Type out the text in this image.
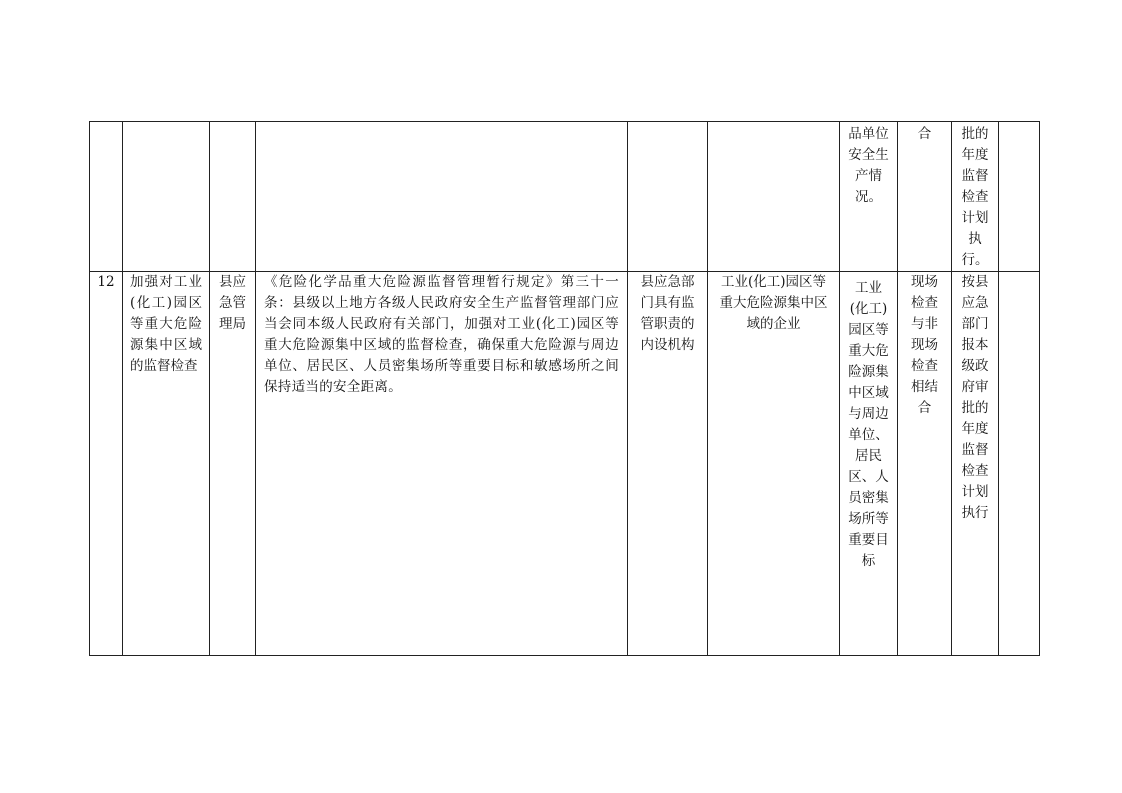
						品单位安全生产情况。	合	批的年度监督检查计划执行。	

12	加强对工业(化工)园区等重大危险源集中区域的监督检查	县应急管理局	《危险化学品重大危险源监督管理暂行规定》第三十一条：县级以上地方各级人民政府安全生产监督管理部门应当会同本级人民政府有关部门，加强对工业(化工)园区等重大危险源集中区域的监督检查，确保重大危险源与周边单位、居民区、人员密集场所等重要目标和敏感场所之间保持适当的安全距离。	县应急部门具有监管职责的内设机构	工业(化工)园区等重大危险源集中区域的企业	工业(化工)园区等重大危险源集中区域与周边单位、居民区、人员密集场所等重要目标	现场检查与非现场检查相结合	按县应急部门报本级政府审批的年度监督检查计划执行	
